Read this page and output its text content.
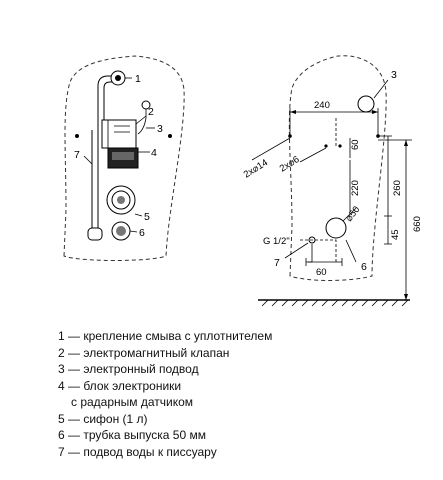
1
2
3
4
5
6
7
240
60
220	260
660
45
60
⌀50
2x⌀14 2x⌀6
G 1/2''
3
7	6
1 — крепление смыва с уплотнителем
2 — электромагнитный клапан
3 — электронный подвод
4 — блок электроники
с радарным датчиком
5 — сифон (1 л)
6 — трубка выпуска 50 мм
7 — подвод воды к писсуару
